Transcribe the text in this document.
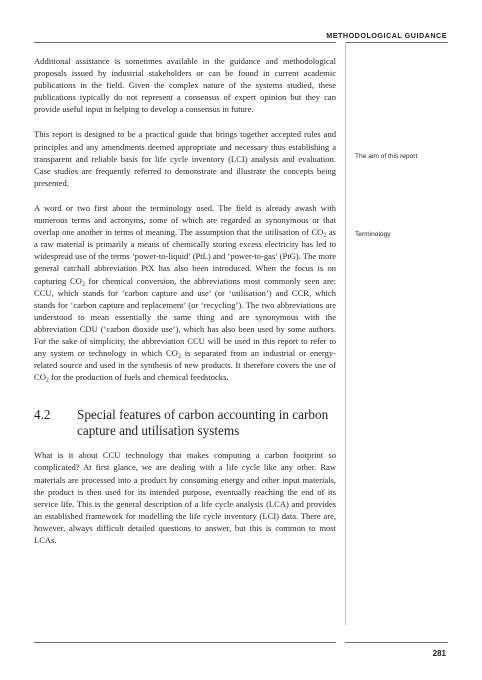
METHODOLOGICAL GUIDANCE

Additional assistance is sometimes available in the guidance and methodological proposals issued by industrial stakeholders or can be found in current academic publications in the field. Given the complex nature of the systems studied, these publications typically do not represent a consensus of expert opinion but they can provide useful input in helping to develop a consensus in future.

This report is designed to be a practical guide that brings together accepted rules and principles and any amendments deemed appropriate and necessary thus establishing a transparent and reliable basis for life cycle inventory (LCI) analysis and evaluation. Case studies are frequently referred to demonstrate and illustrate the concepts being presented.

A word or two first about the terminology used. The field is already awash with numerous terms and acronyms, some of which are regarded as synonymous or that overlap one another in terms of meaning. The assumption that the utilisation of $CO_2$ as a raw material is primarily a means of chemically storing excess electricity has led to widespread use of the terms ‘power-to-liquid’ (PtL) and ‘power-to-gas’ (PtG). The more general catchall abbreviation PtX has also been introduced. When the focus is on capturing $CO_2$ for chemical conversion, the abbreviations most commonly seen are: CCU, which stands for ‘carbon capture and use’ (or ‘utilisation’) and CCR, which stands for ‘carbon capture and replacement’ (or ‘recycling’). The two abbreviations are understood to mean essentially the same thing and are synonymous with the abbreviation CDU (‘carbon dioxide use’), which has also been used by some authors. For the sake of simplicity, the abbreviation CCU will be used in this report to refer to any system or technology in which $CO_2$ is separated from an industrial or energy-related source and used in the synthesis of new products. It therefore covers the use of $CO_2$ for the production of fuels and chemical feedstocks.

4.2	Special features of carbon accounting in carbon capture and utilisation systems

What is it about CCU technology that makes computing a carbon footprint so complicated? At first glance, we are dealing with a life cycle like any other. Raw materials are processed into a product by consuming energy and other input materials, the product is then used for its intended purpose, eventually reaching the end of its service life. This is the general description of a life cycle analysis (LCA) and provides an established framework for modelling the life cycle inventory (LCI) data. There are, however, always difficult detailed questions to answer, but this is common to most LCAs.

The aim of this report
Terminology
281
